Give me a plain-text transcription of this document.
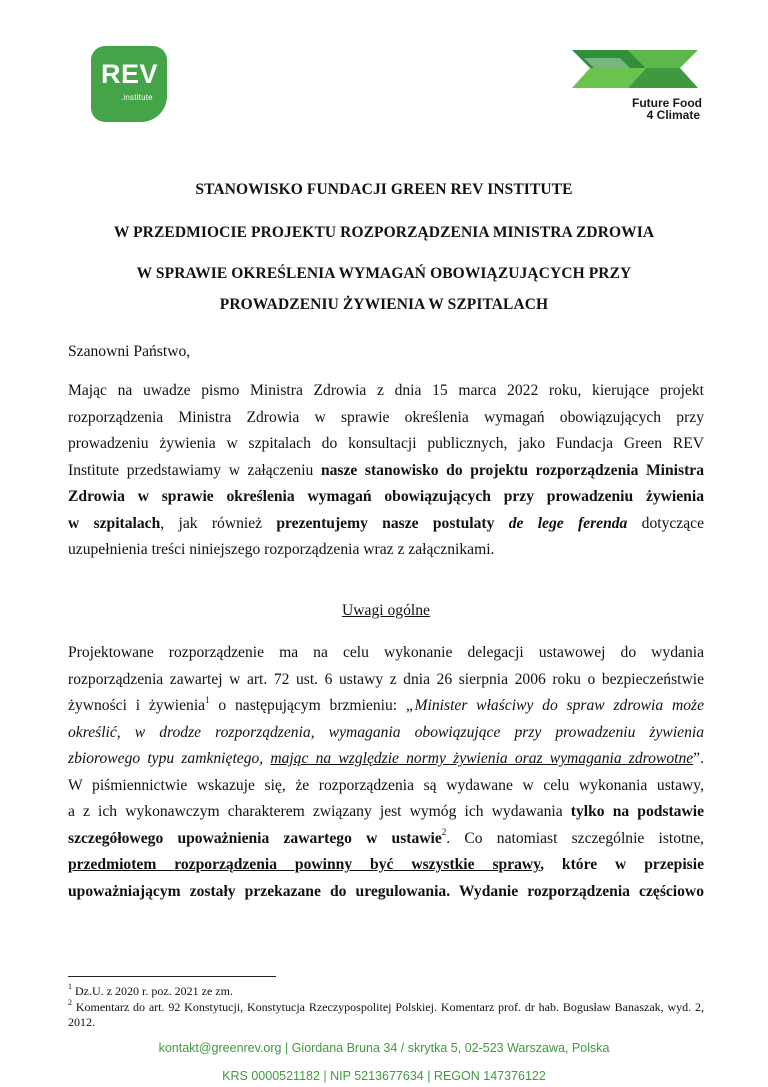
REV
.institute	Future Food
4 Climate
STANOWISKO FUNDACJI GREEN REV INSTITUTE
W PRZEDMIOCIE PROJEKTU ROZPORZĄDZENIA MINISTRA ZDROWIA
W SPRAWIE OKREŚLENIA WYMAGAŃ OBOWIĄZUJĄCYCH PRZY
PROWADZENIU ŻYWIENIA W SZPITALACH
Szanowni Państwo,
Mając na uwadze pismo Ministra Zdrowia z dnia 15 marca 2022 roku, kierujące projekt
rozporządzenia Ministra Zdrowia w sprawie określenia wymagań obowiązujących przy
prowadzeniu żywienia w szpitalach do konsultacji publicznych, jako Fundacja Green REV
Institute przedstawiamy w załączeniu nasze stanowisko do projektu rozporządzenia Ministra
Zdrowia w sprawie określenia wymagań obowiązujących przy prowadzeniu żywienia
w szpitalach, jak również prezentujemy nasze postulaty de lege ferenda dotyczące
uzupełnienia treści niniejszego rozporządzenia wraz z załącznikami.
Uwagi ogólne
Projektowane rozporządzenie ma na celu wykonanie delegacji ustawowej do wydania
rozporządzenia zawartej w art. 72 ust. 6 ustawy z dnia 26 sierpnia 2006 roku o bezpieczeństwie
żywności i żywienia$^1$ o następującym brzmieniu: „Minister właściwy do spraw zdrowia może
określić, w drodze rozporządzenia, wymagania obowiązujące przy prowadzeniu żywienia
zbiorowego typu zamkniętego, mając na względzie normy żywienia oraz wymagania zdrowotne”.
W piśmiennictwie wskazuje się, że rozporządzenia są wydawane w celu wykonania ustawy,
a z ich wykonawczym charakterem związany jest wymóg ich wydawania tylko na podstawie
szczegółowego upoważnienia zawartego w ustawie$^2$. Co natomiast szczególnie istotne,
przedmiotem rozporządzenia powinny być wszystkie sprawy, które w przepisie
upoważniającym zostały przekazane do uregulowania. Wydanie rozporządzenia częściowo
$^1$ Dz.U. z 2020 r. poz. 2021 ze zm.
$^2$ Komentarz do art. 92 Konstytucji, Konstytucja Rzeczypospolitej Polskiej. Komentarz prof. dr hab. Bogusław Banaszak, wyd. 2, 2012.
kontakt@greenrev.org | Giordana Bruna 34 / skrytka 5, 02-523 Warszawa, Polska
KRS 0000521182 | NIP 5213677634 | REGON 147376122
